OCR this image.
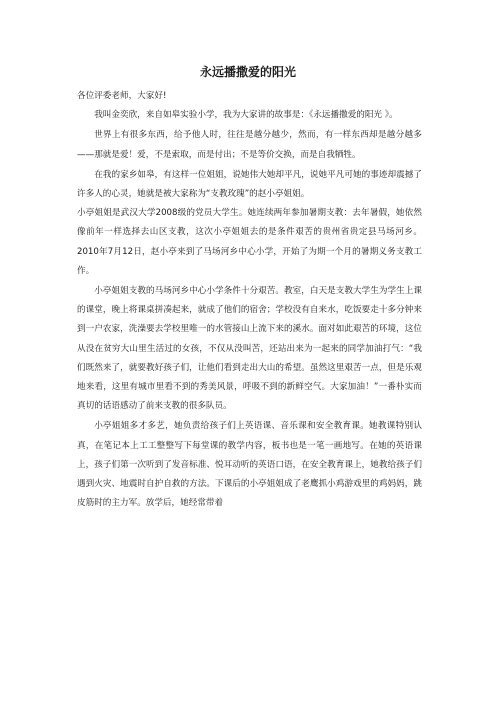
永远播撒爱的阳光

各位评委老师，大家好!

我叫金奕欣，来自如皋实验小学，我为大家讲的故事是：《永远播撒爱的阳光 》。

世界上有很多东西，给予他人时，往往是越分越少，然而，有一样东西却是越分越多——那就是爱！爱，不是索取，而是付出；不是等价交换，而是自我牺牲。

在我的家乡如皋，有这样一位姐姐，说她伟大她却平凡，说她平凡可她的事迹却震撼了许多人的心灵，她就是被大家称为“支教玫瑰”的赵小亭姐姐。

小亭姐姐是武汉大学2008级的党员大学生。她连续两年参加暑期支教：去年暑假，她依然像前年一样选择去山区支教，这次小亭姐姐去的是条件艰苦的贵州省贵定县马场河乡。2010年7月12日，赵小亭来到了马场河乡中心小学，开始了为期一个月的暑期义务支教工作。

小亭姐姐支教的马场河乡中心小学条件十分艰苦。教室，白天是支教大学生为学生上课的课堂，晚上将课桌拼凑起来，就成了他们的宿舍；学校没有自来水，吃饭要走十多分钟来到一户农家，洗澡要去学校里唯一的水管接山上流下来的溪水。面对如此艰苦的环境，这位从没在贫穷大山里生活过的女孩，不仅从没叫苦，还站出来为一起来的同学加油打气：“我们既然来了，就要教好孩子们，让他们看到走出大山的希望。虽然这里艰苦一点，但是乐观地来看，这里有城市里看不到的秀美风景，呼吸不到的新鲜空气。大家加油！”一番朴实而真切的话语感动了前来支教的很多队员。

小亭姐姐多才多艺，她负责给孩子们上英语课、音乐课和安全教育课。她教课特别认真，在笔记本上工工整整写下每堂课的教学内容，板书也是一笔一画地写。在她的英语课上，孩子们第一次听到了发音标准、悦耳动听的英语口语，在安全教育课上，她教给孩子们遇到火灾、地震时自护自救的方法。下课后的小亭姐姐成了老鹰抓小鸡游戏里的鸡妈妈，跳皮筋时的主力军。放学后，她经常带着
